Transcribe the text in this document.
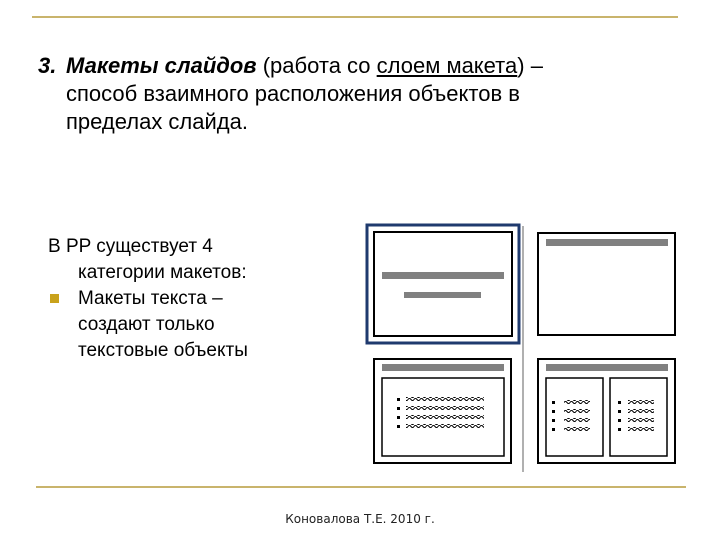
3. Макеты слайдов (работа со слоем макета) –
способ взаимного расположения объектов в
пределах слайда.
В PP существует 4
категории макетов:
Макеты текста –
создают только
текстовые объекты
Коновалова Т.Е. 2010 г.
